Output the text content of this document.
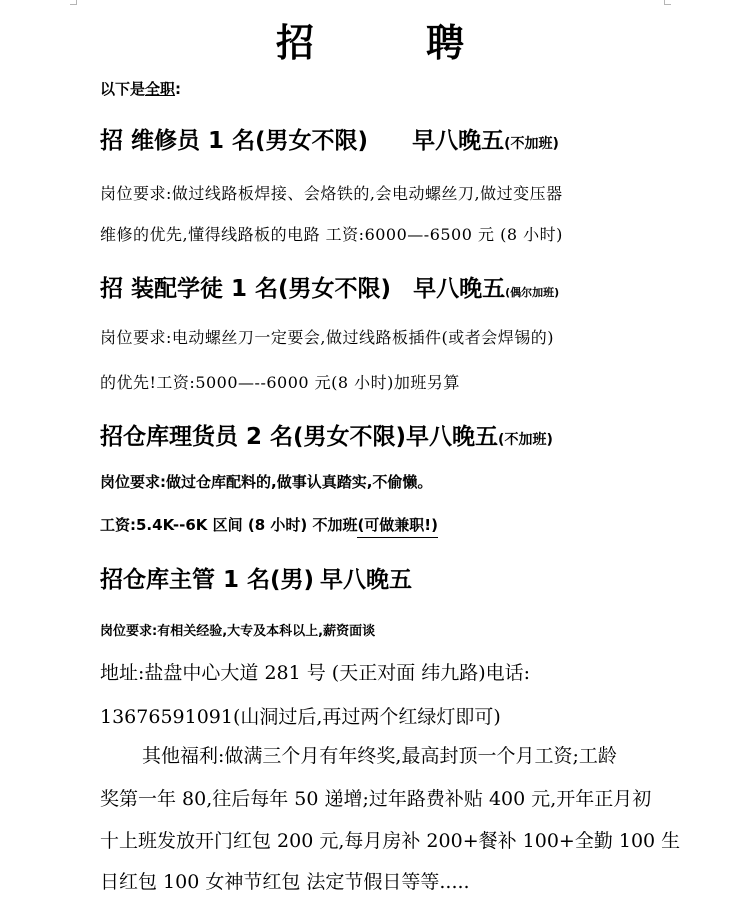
招	聘
以下是全职:
招 维修员 1 名(男女不限) 早八晚五(不加班)
岗位要求:做过线路板焊接、会烙铁的,会电动螺丝刀,做过变压器
维修的优先,懂得线路板的电路 工资:6000—-6500 元 (8 小时)
招 装配学徒 1 名(男女不限) 早八晚五(偶尔加班)
岗位要求:电动螺丝刀一定要会,做过线路板插件(或者会焊锡的)
的优先!工资:5000—--6000 元(8 小时)加班另算
招仓库理货员 2 名(男女不限)早八晚五(不加班)
岗位要求:做过仓库配料的,做事认真踏实,不偷懒。
工资:5.4K--6K 区间 (8 小时) 不加班(可做兼职!)
招仓库主管 1 名(男) 早八晚五
岗位要求:有相关经验,大专及本科以上,薪资面谈
地址:盐盘中心大道 281 号 (天正对面 纬九路)电话:
13676591091(山洞过后,再过两个红绿灯即可)
其他福利:做满三个月有年终奖,最高封顶一个月工资;工龄
奖第一年 80,往后每年 50 递增;过年路费补贴 400 元,开年正月初
十上班发放开门红包 200 元,每月房补 200+餐补 100+全勤 100 生
日红包 100 女神节红包 法定节假日等等.....
